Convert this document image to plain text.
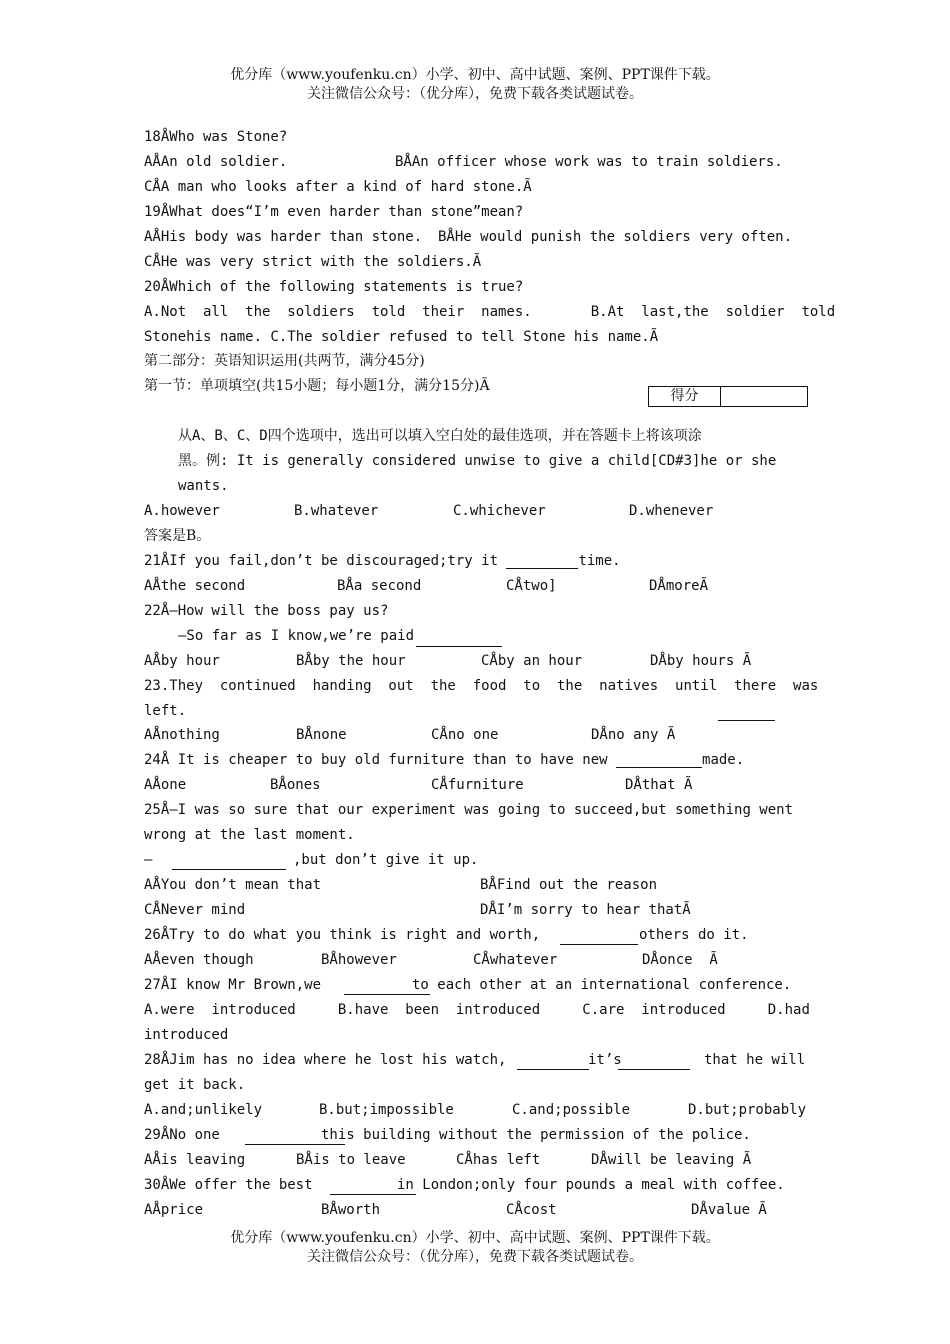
优分库（www.youfenku.cn）小学、初中、高中试题、案例、PPT课件下载。
关注微信公众号：（优分库），免费下载各类试题试卷。
18ÅWho was Stone?
AÅAn old soldier.	BÅAn officer whose work was to train soldiers.
CÅA man who looks after a kind of hard stone.Ã
19ÅWhat does“I’m even harder than stone”mean?
AÅHis body was harder than stone. BÅHe would punish the soldiers very often.
CÅHe was very strict with the soldiers.Ã
20ÅWhich of the following statements is true?
A.Not  all  the  soldiers  told  their  names.       B.At  last,the  soldier  told
Stonehis name. C.The soldier refused to tell Stone his name.Ã
第二部分：英语知识运用(共两节，满分45分)
第一节：单项填空(共15小题；每小题1分，满分15分)Ã
得分
从A、B、C、D四个选项中，选出可以填入空白处的最佳选项，并在答题卡上将该项涂
黑。例: It is generally considered unwise to give a child[CD#3]he or she
wants.
A.however	B.whatever	C.whichever	D.whenever
答案是B。
21ÅIf you fail,don’t be discouraged;try it	time.
AÅthe second	BÅa second	CÅtwo]	DÅmoreÃ
22Å—How will the boss pay us?
—So far as I know,we’re paid
AÅby hour	BÅby the hour	CÅby an hour	DÅby hours Ã
23.They  continued  handing  out  the  food  to  the  natives  until  there  was
left.
AÅnothing	BÅnone	CÅno one	DÅno any Ã
24Å It is cheaper to buy old furniture than to have new	made.
AÅone	BÅones	CÅfurniture	DÅthat Ã
25Å—I was so sure that our experiment was going to succeed,but something went
wrong at the last moment.
—	,but don’t give it up.
AÅYou don’t mean that	BÅFind out the reason
CÅNever mind	DÅI’m sorry to hear thatÃ
26ÅTry to do what you think is right and worth,	others do it.
AÅeven though	BÅhowever	CÅwhatever	DÅonce  Ã
27ÅI know Mr Brown,we	to each other at an international conference.
A.were  introduced     B.have  been  introduced     C.are  introduced     D.had
introduced
28ÅJim has no idea where he lost his watch,	it’s	that he will
get it back.
A.and;unlikely	B.but;impossible	C.and;possible	D.but;probably
29ÅNo one	this building without the permission of the police.
AÅis leaving	BÅis to leave	CÅhas left	DÅwill be leaving Ã
30ÅWe offer the best	in London;only four pounds a meal with coffee.
AÅprice	BÅworth	CÅcost	DÅvalue Ã
优分库（www.youfenku.cn）小学、初中、高中试题、案例、PPT课件下载。
关注微信公众号：（优分库），免费下载各类试题试卷。
